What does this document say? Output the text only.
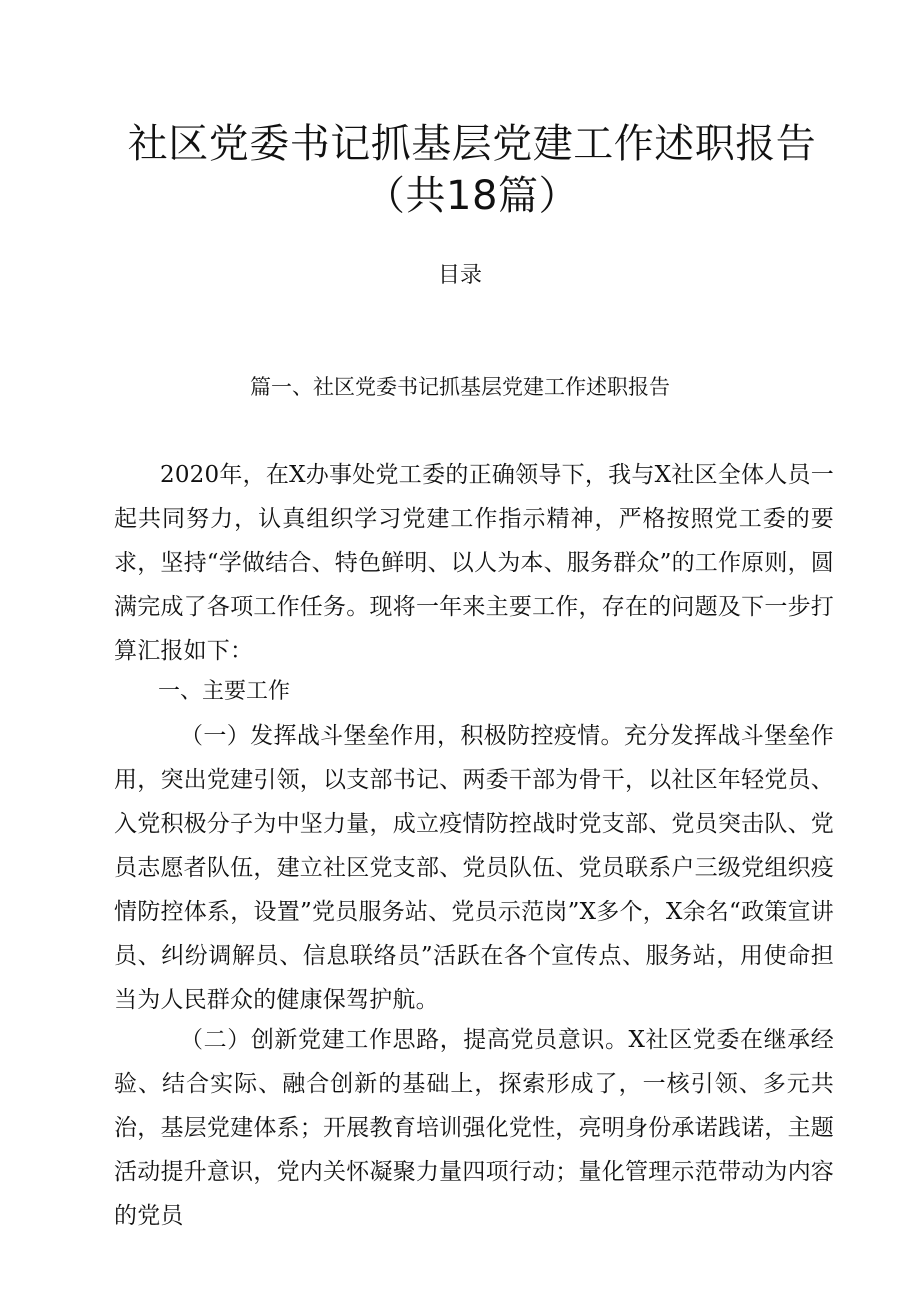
社区党委书记抓基层党建工作述职报告（共18篇）
目录
篇一、社区党委书记抓基层党建工作述职报告
2020年，在X办事处党工委的正确领导下，我与X社区全体人员一起共同努力，认真组织学习党建工作指示精神，严格按照党工委的要求，坚持“学做结合、特色鲜明、以人为本、服务群众”的工作原则，圆满完成了各项工作任务。现将一年来主要工作，存在的问题及下一步打算汇报如下：
一、主要工作
（一）发挥战斗堡垒作用，积极防控疫情。充分发挥战斗堡垒作用，突出党建引领，以支部书记、两委干部为骨干，以社区年轻党员、入党积极分子为中坚力量，成立疫情防控战时党支部、党员突击队、党员志愿者队伍，建立社区党支部、党员队伍、党员联系户三级党组织疫情防控体系，设置”党员服务站、党员示范岗”X多个，X余名“政策宣讲员、纠纷调解员、信息联络员”活跃在各个宣传点、服务站，用使命担当为人民群众的健康保驾护航。
（二）创新党建工作思路，提高党员意识。X社区党委在继承经验、结合实际、融合创新的基础上，探索形成了，一核引领、多元共治，基层党建体系；开展教育培训强化党性，亮明身份承诺践诺，主题活动提升意识，党内关怀凝聚力量四项行动；量化管理示范带动为内容的党员
